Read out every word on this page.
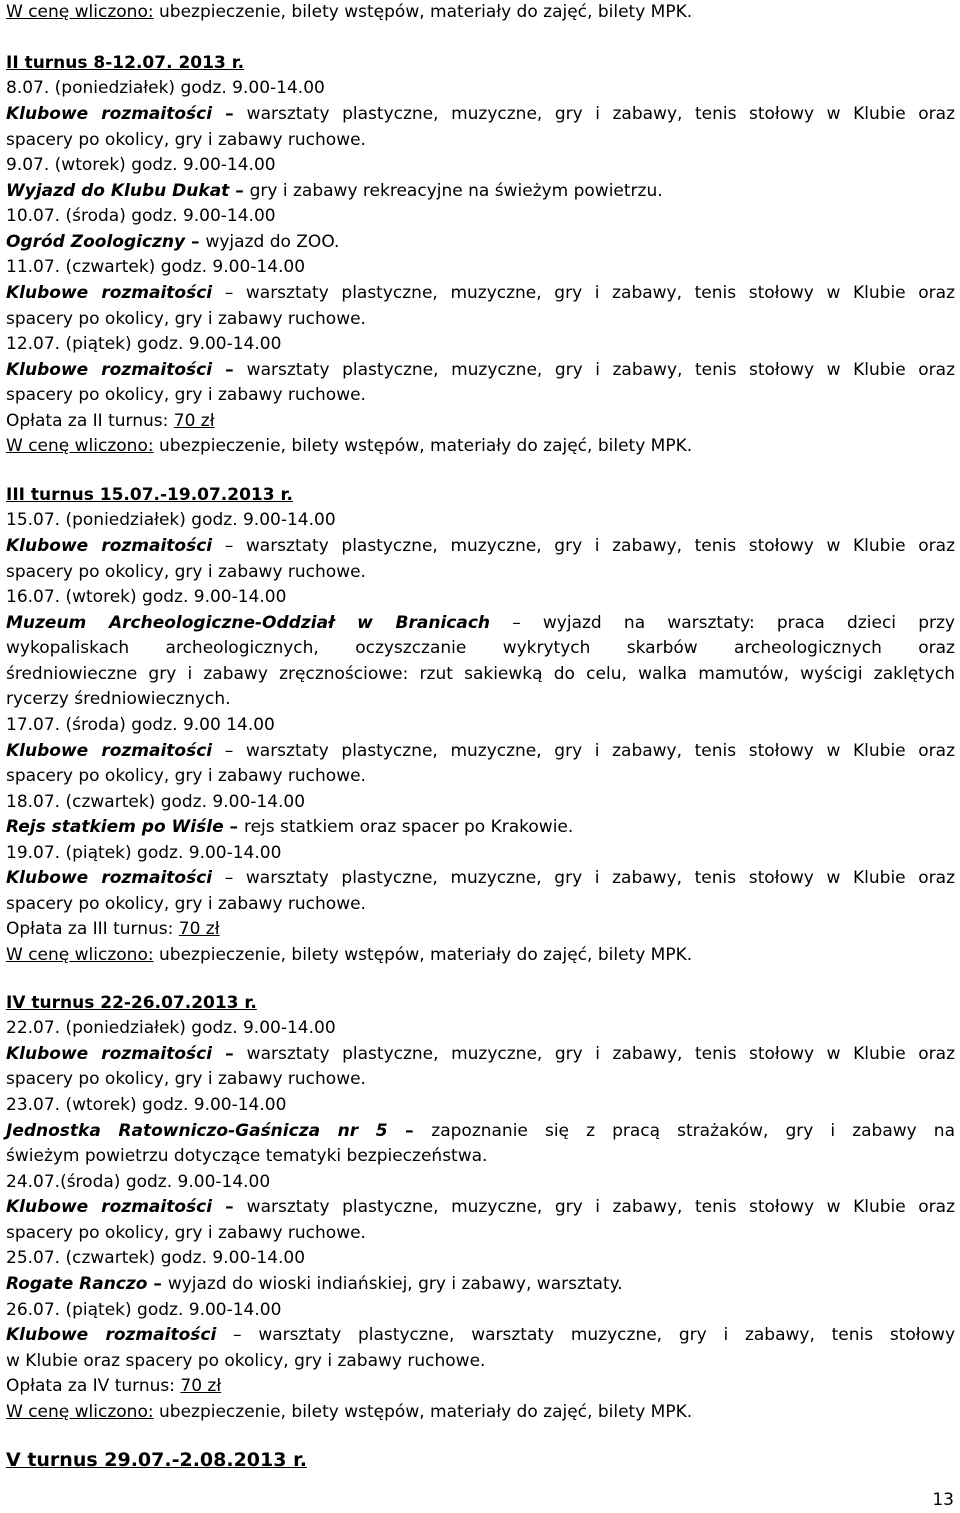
W cenę wliczono: ubezpieczenie, bilety wstępów, materiały do zajęć, bilety MPK.
II turnus 8-12.07. 2013 r.
8.07. (poniedziałek) godz. 9.00-14.00
Klubowe rozmaitości – warsztaty plastyczne, muzyczne, gry i zabawy, tenis stołowy w Klubie oraz
spacery po okolicy, gry i zabawy ruchowe.
9.07. (wtorek) godz. 9.00-14.00
Wyjazd do Klubu Dukat – gry i zabawy rekreacyjne na świeżym powietrzu.
10.07. (środa) godz. 9.00-14.00
Ogród Zoologiczny – wyjazd do ZOO.
11.07. (czwartek) godz. 9.00-14.00
Klubowe rozmaitości – warsztaty plastyczne, muzyczne, gry i zabawy, tenis stołowy w Klubie oraz
spacery po okolicy, gry i zabawy ruchowe.
12.07. (piątek) godz. 9.00-14.00
Klubowe rozmaitości – warsztaty plastyczne, muzyczne, gry i zabawy, tenis stołowy w Klubie oraz
spacery po okolicy, gry i zabawy ruchowe.
Opłata za II turnus: 70 zł
W cenę wliczono: ubezpieczenie, bilety wstępów, materiały do zajęć, bilety MPK.
III turnus 15.07.-19.07.2013 r.
15.07. (poniedziałek) godz. 9.00-14.00
Klubowe rozmaitości – warsztaty plastyczne, muzyczne, gry i zabawy, tenis stołowy w Klubie oraz
spacery po okolicy, gry i zabawy ruchowe.
16.07. (wtorek) godz. 9.00-14.00
Muzeum Archeologiczne-Oddział w Branicach – wyjazd na warsztaty: praca dzieci przy
wykopaliskach archeologicznych, oczyszczanie wykrytych skarbów archeologicznych oraz
średniowieczne gry i zabawy zręcznościowe: rzut sakiewką do celu, walka mamutów, wyścigi zaklętych
rycerzy średniowiecznych.
17.07. (środa) godz. 9.00 14.00
Klubowe rozmaitości – warsztaty plastyczne, muzyczne, gry i zabawy, tenis stołowy w Klubie oraz
spacery po okolicy, gry i zabawy ruchowe.
18.07. (czwartek) godz. 9.00-14.00
Rejs statkiem po Wiśle – rejs statkiem oraz spacer po Krakowie.
19.07. (piątek) godz. 9.00-14.00
Klubowe rozmaitości – warsztaty plastyczne, muzyczne, gry i zabawy, tenis stołowy w Klubie oraz
spacery po okolicy, gry i zabawy ruchowe.
Opłata za III turnus: 70 zł
W cenę wliczono: ubezpieczenie, bilety wstępów, materiały do zajęć, bilety MPK.
IV turnus 22-26.07.2013 r.
22.07. (poniedziałek) godz. 9.00-14.00
Klubowe rozmaitości – warsztaty plastyczne, muzyczne, gry i zabawy, tenis stołowy w Klubie oraz
spacery po okolicy, gry i zabawy ruchowe.
23.07. (wtorek) godz. 9.00-14.00
Jednostka Ratowniczo-Gaśnicza nr 5 – zapoznanie się z pracą strażaków, gry i zabawy na
świeżym powietrzu dotyczące tematyki bezpieczeństwa.
24.07.(środa) godz. 9.00-14.00
Klubowe rozmaitości – warsztaty plastyczne, muzyczne, gry i zabawy, tenis stołowy w Klubie oraz
spacery po okolicy, gry i zabawy ruchowe.
25.07. (czwartek) godz. 9.00-14.00
Rogate Ranczo – wyjazd do wioski indiańskiej, gry i zabawy, warsztaty.
26.07. (piątek) godz. 9.00-14.00
Klubowe rozmaitości – warsztaty plastyczne, warsztaty muzyczne, gry i zabawy, tenis stołowy
w Klubie oraz spacery po okolicy, gry i zabawy ruchowe.
Opłata za IV turnus: 70 zł
W cenę wliczono: ubezpieczenie, bilety wstępów, materiały do zajęć, bilety MPK.
V turnus 29.07.-2.08.2013 r.
13
